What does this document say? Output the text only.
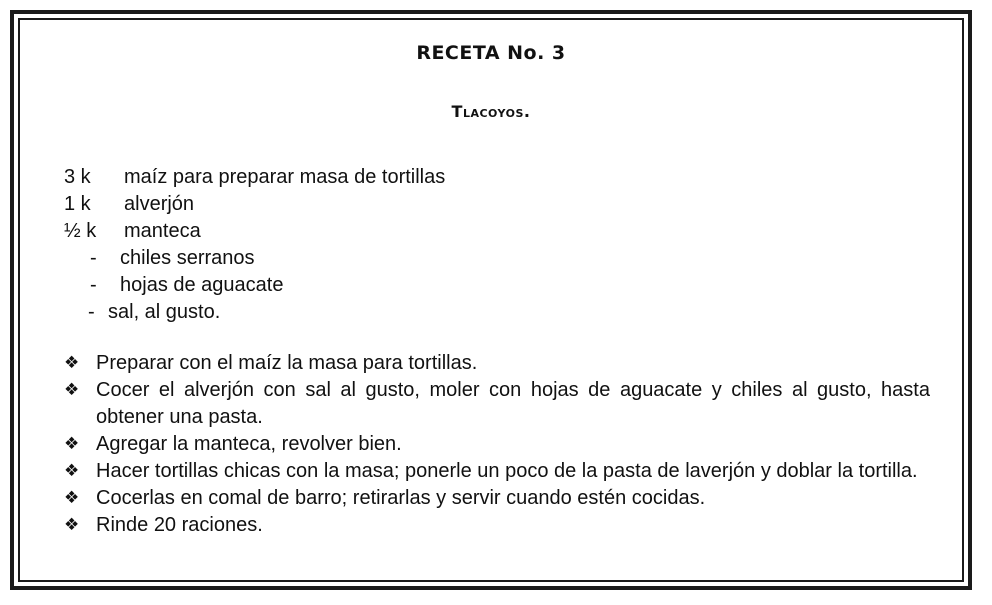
RECETA No. 3
Tlacoyos.
3 k maíz para preparar masa de tortillas
1 k alverjón
½ k manteca
- chiles serranos
- hojas de aguacate
- sal, al gusto.
❖ Preparar con el maíz la masa para tortillas.
❖ Cocer el alverjón con sal al gusto, moler con hojas de aguacate y chiles al gusto, hasta obtener una pasta.
❖ Agregar la manteca, revolver bien.
❖ Hacer tortillas chicas con la masa; ponerle un poco de la pasta de laverjón y doblar la tortilla.
❖ Cocerlas en comal de barro; retirarlas y servir cuando estén cocidas.
❖ Rinde 20 raciones.
